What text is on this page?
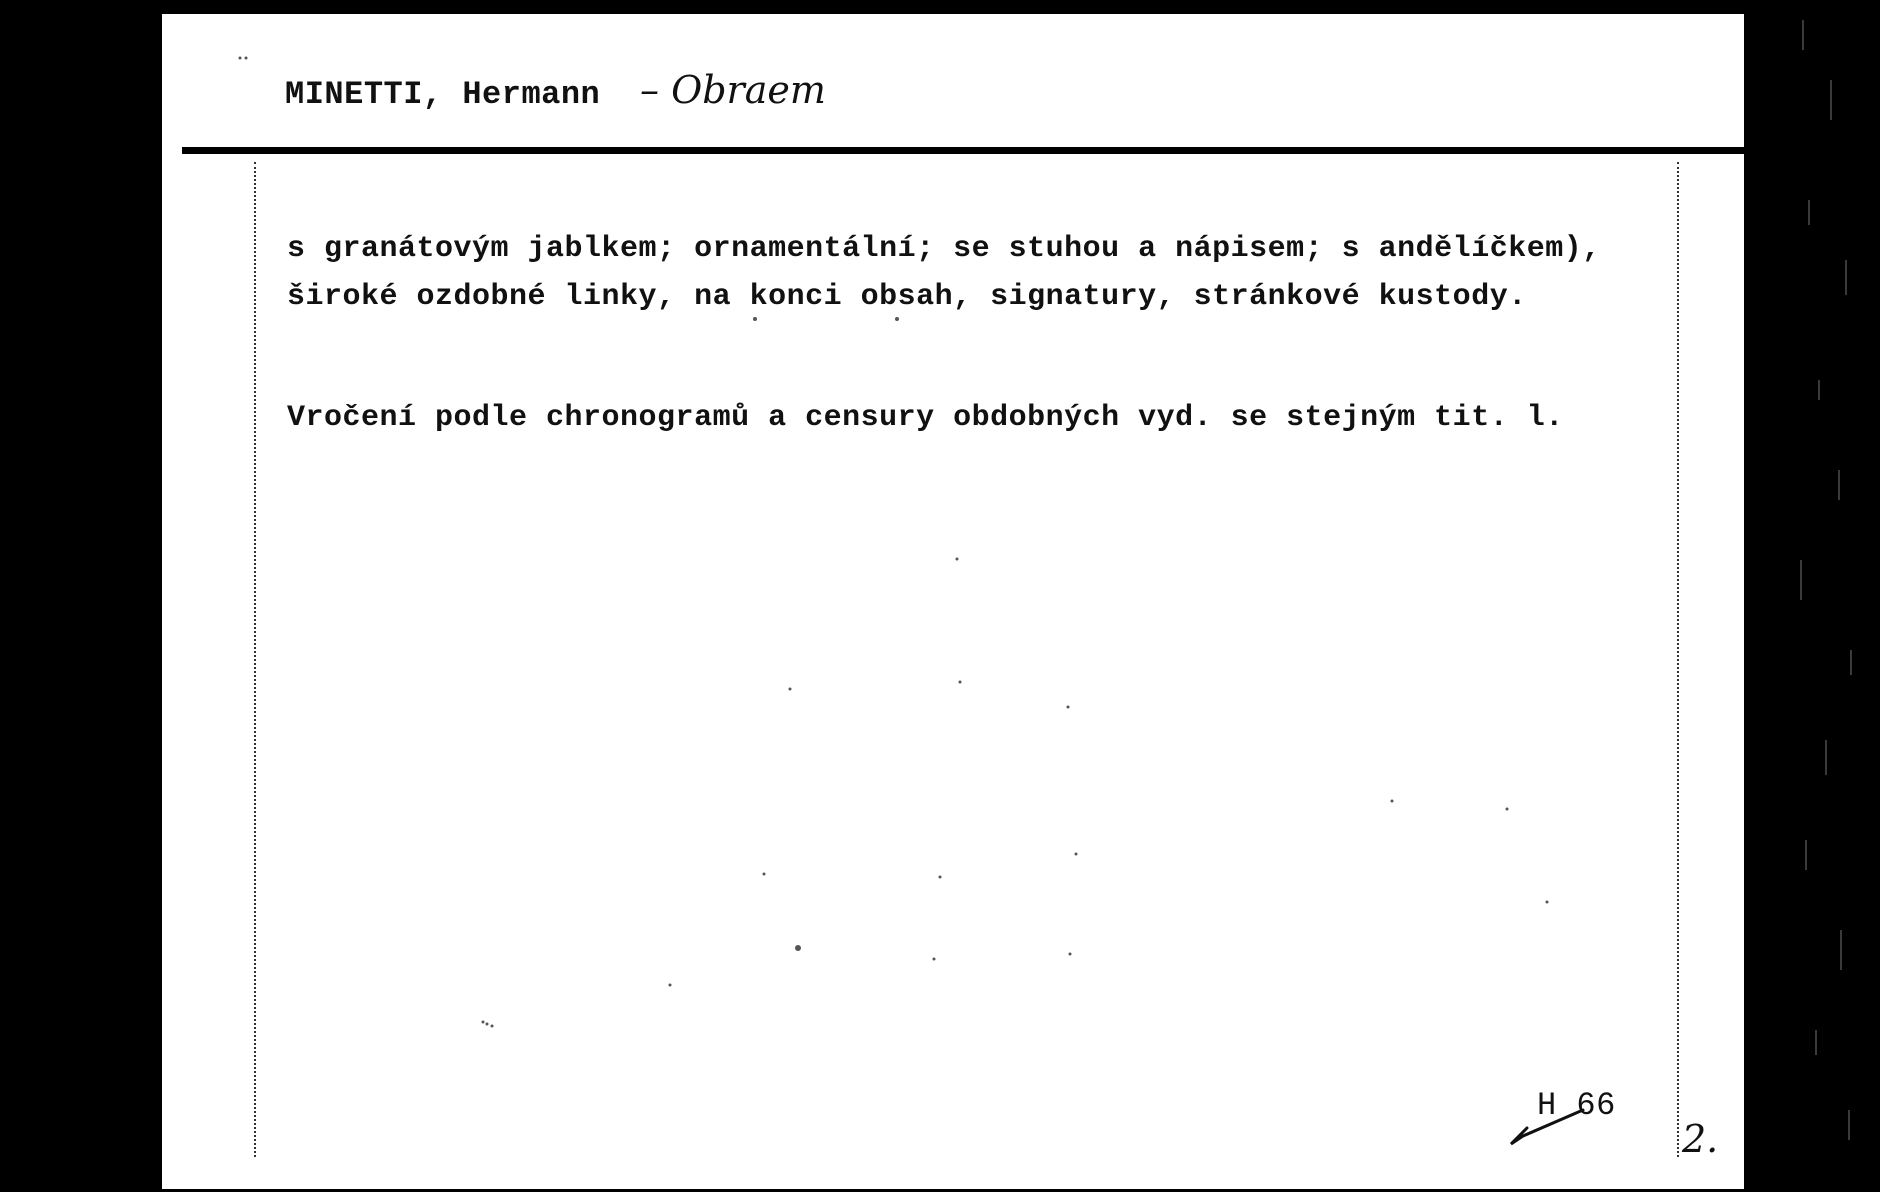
MINETTI, Hermann – Obraem
s granátovým jablkem; ornamentální; se stuhou a nápisem; s andělíčkem),
široké ozdobné linky, na konci obsah, signatury, stránkové kustody.
Vročení podle chronogramů a censury obdobných vyd. se stejným tit. l.
H 66
2.
